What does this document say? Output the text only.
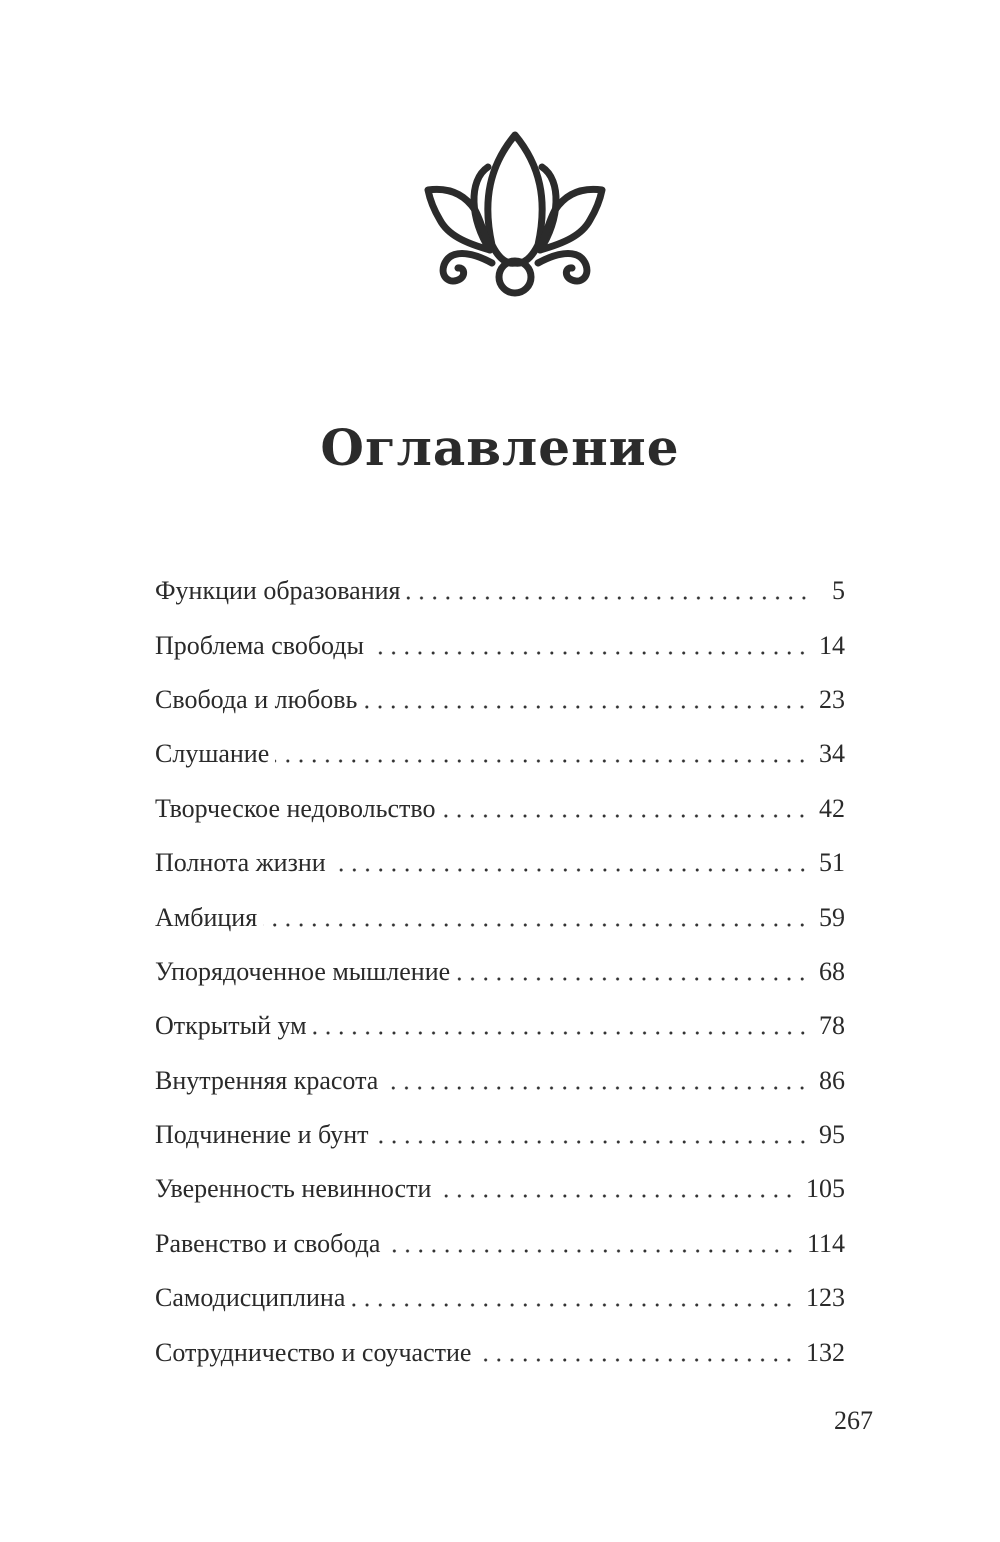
Оглавление
Функции образования	5
Проблема свободы	14
Свобода и любовь	23
Слушание	34
Творческое недовольство	42
Полнота жизни	51
Амбиция	59
Упорядоченное мышление	68
Открытый ум	78
Внутренняя красота	86
Подчинение и бунт	95
Уверенность невинности	105
Равенство и свобода	114
Самодисциплина	123
Сотрудничество и соучастие	132
267
